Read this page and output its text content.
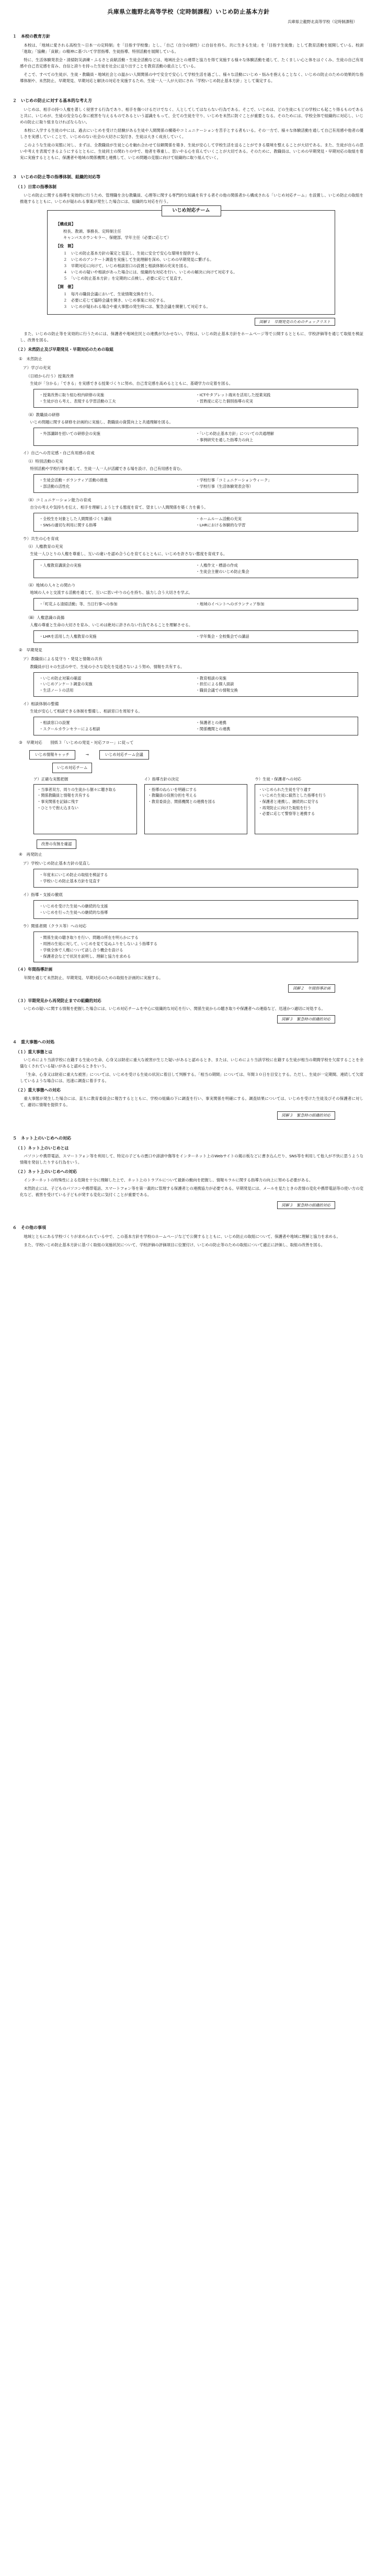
兵庫県立龍野北高等学校（定時制課程）いじめ防止基本方針
兵庫県立龍野北高等学校（定時制課程）
１　本校の教育方針
本校は、「地域に愛される高校生～日本一の定時制」を「目指す学校像」とし、「自己（自分の個性）に自信を持ち、共に生きる生徒」を「目指す生徒像」として教育活動を展開している。校訓「進取」「協働」「貢献」の精神に基づいて学習指導、生徒指導、特別活動を展開している。
特に、生活体験発表会・清掃防災訓練・ふるさと貢献活動・生徒会活動などは、地域社会との連帯と協力を得て実施する様々な体験活動を通して、たくましい心と体をはぐくみ、生徒の自己有用感や自己肯定感を育み、自信と誇りを持った生徒を社会に送り出すことを教育活動の重点としている。
そこで、すべての生徒が、生徒・教職員・地域社会との温かい人間関係の中で安全で安心して学校生活を過ごし、様々な活動にいじめ・悩みを抱えることなく、いじめの防止のための効果的な指導体制や、未然防止、早期発見、早期対応と解決の対応を実施するため、生徒一人一人が大切にされ「学校いじめ防止基本方針」として策定する。
２　いじめの防止に対する基本的な考え方
いじめは、相手の持つ人権を著しく侵害する行為であり、相手を傷つけるだけでなく、人としてしてはならない行為である。そこで、いじめは、どの生徒にもどの学校にも起こり得るものであると共に、いじめが、生徒の安全な心身に被害を与えるものであるという認識をもって、全ての生徒を守り、いじめを未然に防ぐことが重要となる。そのためには、学校全体で組織的に対応し、いじめの防止に取り組まなければならない。
本校に入学する生徒の中には、過去にいじめを受けた経験がある生徒や人間関係の構築やコミュニケーションを苦手とする者もいる。その一方で、様々な体験活動を通して自己有用感や他者の優しさを実感していくことで、いじめのない社会の大切さに気付き、生徒は大きく成長していく。
このような生徒の実態に対し、まずは、全教職員が生徒と心を触れ合わせて信頼関係を築き、生徒が安心して学校生活を送ることができる環境を整えることが大切である。また、生徒が自らの思いや考えを表現できるようにするとともに、生徒同士の関わりの中で、他者を尊重し、思いやる心を育んでいくことが大切である。そのために、教職員は、いじめの早期発見・早期対応の取組を着実に実施するとともに、保護者や地域の関係機関と連携して、いじめ問題の克服に向けて組織的に取り組んでいく。
３　いじめの防止等の指導体制、組織的対応等
（１）日常の指導体制
いじめ防止に関する指導を実効的に行うため、管理職を含む教職員、心理等に関する専門的な知識を有する者その他の関係者から構成される「いじめ対応チーム」を設置し、いじめ防止の取組を推進するとともに、いじめが疑われる事案が発生した場合には、組織的な対応を行う。
いじめ対応チーム
【構成員】
校長、教頭、事務長、定時制主任
キャンパスカウンセラー、保健部、学年主任（必要に応じて）
【役　割】
１　いじめ防止基本方針の策定と見直し、生徒に安全で安心な環境を提供する。
２　いじめのアンケート調査を実施して生徒理解を深め、いじめの早期発見に繋げる。
３　早期対応に向けて、いじめ相談窓口の設置と相談体制の充実を図る。
４　いじめの疑いや相談があった場合には、組織的な対応を行い、いじめの解決に向けて対応する。
５　「いじめ防止基本方針」を定期的に点検し、必要に応じて見直す。
【開　催】
１　毎月の職員会議において、生徒情報交換を行う。
２　必要に応じて臨時会議を開き、いじめ事案に対応する。
３　いじめが疑われる場合や重大事態の発生時には、緊急会議を開催して対応する。
図解１　早期発見のためのチェックリスト
また、いじめの防止等を実効的に行うためには、保護者や地域住民との連携が欠かせない。学校は、いじめ防止基本方針をホームページ等で公開するとともに、学校評価等を通じて取組を検証し、改善を図る。
（２）未然防止及び早期発見・早期対応のための取組
①　未然防止
ア）学びの充実
（日頃から行う）授業改善
生徒が「分かる」「できる」を実感できる授業づくりに努め、自己肯定感を高めるとともに、基礎学力の定着を図る。
・授業改善に取り組む校内研修の実施
・生徒が自ら考え、表現する学習活動の工夫
・ICTやタブレット端末を活用した授業実践
・習熟度に応じた個別指導の充実
（ⅱ）教職員の研修
いじめ問題に関する研修を計画的に実施し、教職員の資質向上と共通理解を図る。
・外部講師を招いての研修会の実施	・「いじめ防止基本方針」についての共通理解
・事例研究を通した指導力の向上
イ）自己への肯定感・自己有用感の育成
（ⅰ）特別活動の充実
特別活動や学校行事を通して、生徒一人一人が活躍できる場を設け、自己有用感を育む。
・生徒会活動・ボランティア活動の推進
・部活動の活性化
・学校行事「コミュニケーションウィーク」
・学校行事（生活体験発表会等）
（ⅱ）コミュニケーション能力の育成
自分の考えや気持ちを伝え、相手を理解しようとする態度を育て、望ましい人間関係を築く力を養う。
・全校生を対象とした人間関係づくり講座
・SNSの適切な利用に関する指導
・ホームルーム活動の充実
・LHRにおける体験的な学習
ウ）共生の心を育成
（ⅰ）人権教育の充実
生徒一人ひとりの人権を尊重し、互いの違いを認め合う心を育てるとともに、いじめを許さない態度を育成する。
・人権教育講演会の実施	・人権作文・標語の作成
・生徒会主催のいじめ防止集会
（ⅱ）地域の人々との関わり
地域の人々と交流する活動を通じて、互いに思いやりの心を持ち、協力し合う大切さを学ぶ。
・「町花ふる清掃活動」等、当日行事への参加	・地域のイベントへのボランティア参加
（ⅲ）人権意識の高揚
人権の尊重と生命の大切さを育み、いじめは絶対に許されない行為であることを理解させる。
・LHRを活用した人権教育の実施	・学年集会・全校集会での講話
②　早期発見
ア）教職員による見守り・発見と情報の共有
教職員が日々の生活の中で、生徒の小さな変化を見逃さないよう努め、情報を共有する。
・いじめ防止対策の確認
・いじめアンケート調査の実施
・生活ノートの活用
・教育相談の実施
・担任による個人面談
・職員会議での情報交換
イ）相談体制の整備
生徒が安心して相談できる体制を整備し、相談窓口を周知する。
・相談窓口の設置
・スクールカウンセラーによる相談
・保護者との連携
・関係機関との連携
③　早期対応　　別紙３「いじめの発見・対応フロー」に従って
いじめ情報キャッチ	→	いじめ対応チーム会議
いじめ対応チーム
ア）正確な実態把握
・ 当事者双方、周りの生徒から個々に聴き取る
・ 関係教職員と情報を共有する
・ 事実関係を記録に残す
・ ひとりで抱え込まない
イ）指導方針の決定
・ 指導のねらいを明確にする
・ 教職員の役割分担を考える
・ 教育委員会、関係機関との連携を図る
ウ）生徒・保護者への対応
・ いじめられた生徒を守り通す
・ いじめた生徒に毅然とした指導を行う
・ 保護者と連携し、継続的に見守る
・ 再発防止に向けた取組を行う
・ 必要に応じて警察等と連携する
改善の有無を確認
④　再発防止
ア）学校いじめ防止基本方針の見直し
・年度末にいじめ防止の取組を検証する
・学校いじめ防止基本方針を見直す
イ）指導・支援の徹底
・いじめを受けた生徒への継続的な支援
・いじめを行った生徒への継続的な指導
ウ）関係者間（クラス等）への対応
・関係生徒の聴き取りを行い、問題の所在を明らかにする
・周囲の生徒に対して、いじめを見て見ぬふりをしないよう指導する
・学級全体で人権について話し合う機会を設ける
・保護者会などで状況を説明し、理解と協力を求める
（４）年間指導計画
年間を通じて未然防止、早期発見、早期対応のための取組を計画的に実施する。
図解２　年間指導計画
（３）早期発見から再発防止までの組織的対応
いじめの疑いに関する情報を把握した場合には、いじめ対応チームを中心に組織的な対応を行い、関係生徒からの聴き取りや保護者への連絡など、迅速かつ適切に対処する。
図解３　緊急時の組織的対応
４　重大事態への対処
（１）重大事態とは
いじめにより当該学校に在籍する生徒の生命、心身又は財産に重大な被害が生じた疑いがあると認めるとき、または、いじめにより当該学校に在籍する生徒が相当の期間学校を欠席することを余儀なくされている疑いがあると認めるときをいう。
「生命、心身又は財産に重大な被害」については、いじめを受ける生徒の状況に着目して判断する。「相当の期間」については、年間３０日を目安とする。ただし、生徒が一定期間、連続して欠席しているような場合には、迅速に調査に着手する。
（２）重大事態への対応
重大事態が発生した場合には、直ちに教育委員会に報告するとともに、学校の組織の下に調査を行い、事実関係を明確にする。調査結果については、いじめを受けた生徒及びその保護者に対して、適切に情報を提供する。
図解３　緊急時の組織的対応
５　ネット上のいじめへの対応
（１）ネット上のいじめとは
パソコンや携帯電話、スマートフォン等を利用して、特定の子どもの悪口や誹謗中傷等をインターネット上のWebサイトの掲示板などに書き込んだり、SNS等を利用して他人が不快に思うような情報を発信したりする行為をいう。
（２）ネット上のいじめへの対応
インターネットの特殊性による危険を十分に理解した上で、ネット上のトラブルについて最新の動向を把握し、情報モラルに関する指導力の向上に努める必要がある。
未然防止には、子どものパソコンや携帯電話、スマートフォン等を第一義的に管理する保護者との連携協力が必要である。早期発見には、メールを見たときの表情の変化や携帯電話等の使い方の変化など、被害を受けている子どもが発する変化に気付くことが重要である。
図解３　緊急時の組織的対応
６　その他の事項
地域とともにある学校づくりが求められている中で、この基本方針を学校のホームページなどで公開するとともに、いじめ防止の取組について、保護者や地域に理解と協力を求める。
また、学校いじめ防止基本方針に基づく取組の実施状況について、学校評価の評価項目に位置付け、いじめの防止等のための取組について適正に評価し、取組の改善を図る。
